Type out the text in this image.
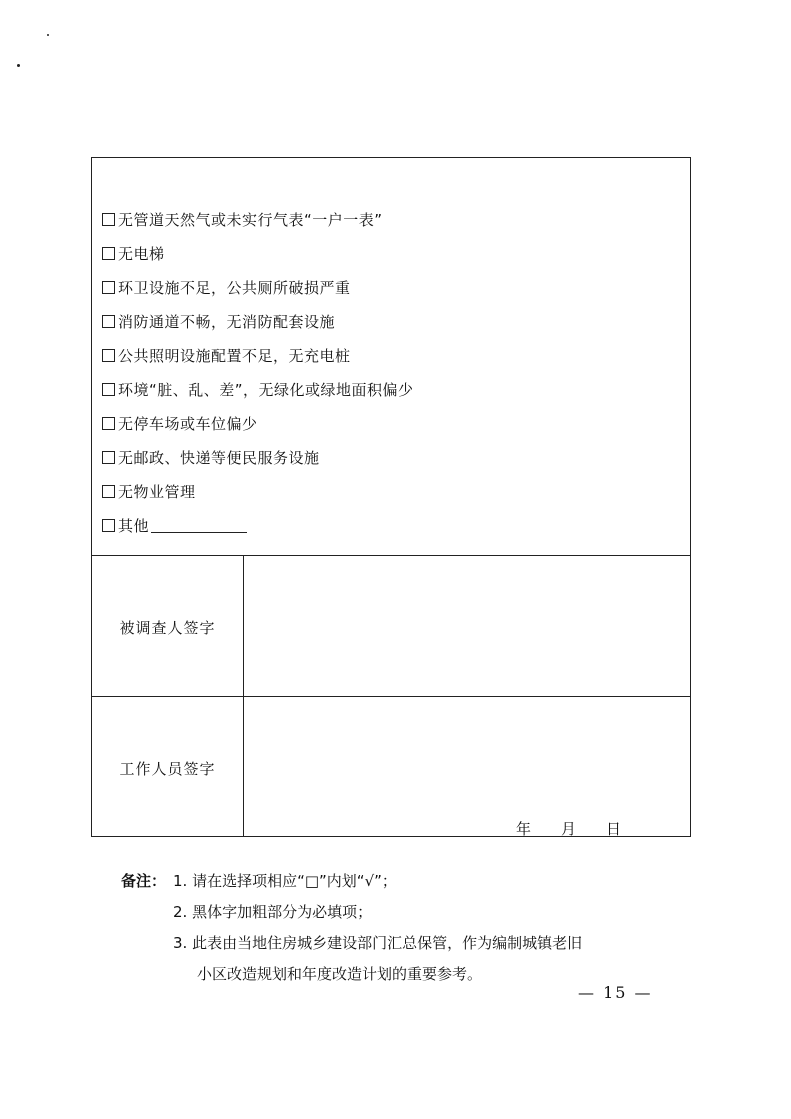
无管道天然气或未实行气表“一户一表”
无电梯
环卫设施不足，公共厕所破损严重
消防通道不畅，无消防配套设施
公共照明设施配置不足，无充电桩
环境“脏、乱、差”，无绿化或绿地面积偏少
无停车场或车位偏少
无邮政、快递等便民服务设施
无物业管理
其他
被调查人签字
工作人员签字
年 月 日
备注： 1. 请在选择项相应“□”内划“√”；
2. 黑体字加粗部分为必填项；
3. 此表由当地住房城乡建设部门汇总保管，作为编制城镇老旧
小区改造规划和年度改造计划的重要参考。
— 15 —
